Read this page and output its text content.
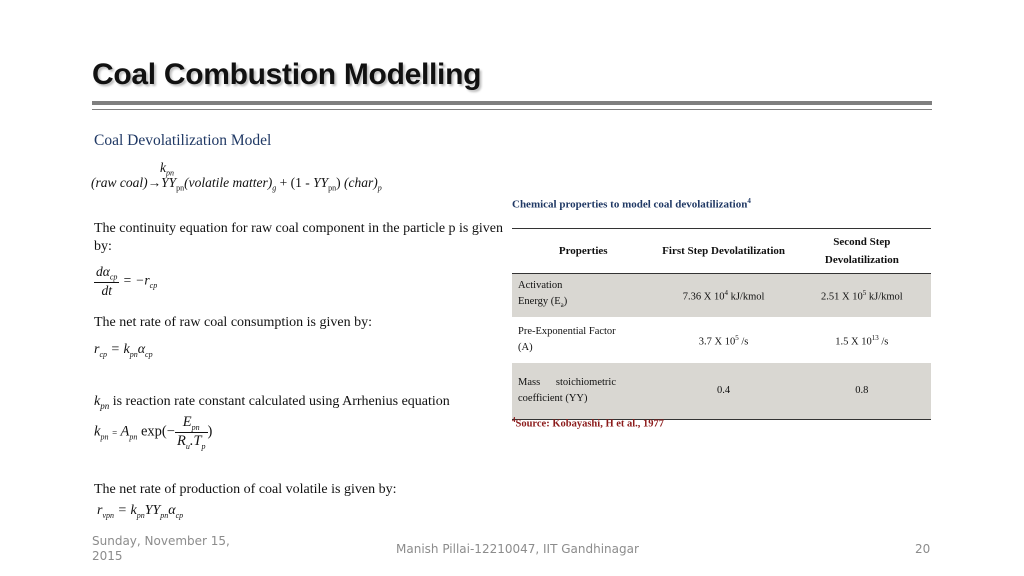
Coal Combustion Modelling
Coal Devolatilization Model
$k_{pn}$
(raw $coal)\to YY_{pn}(volatile$ $matter)_g + (1 - YY_{pn})$ $(char)_p$
The continuity equation for raw coal component in the particle p is given by:
$\frac{d\alpha_{cp}}{dt} = -r_{cp}$
The net rate of raw coal consumption is given by:
$r_{cp} = k_{pn}\alpha_{cp}$
$k_{pn}$ is reaction rate constant calculated using Arrhenius equation
$k_{pn} = A_{pn}$ $\exp(- \frac{E_{pn}}{R_u.T_p}$ )
The net rate of production of coal volatile is given by:
$r_{vpn} = k_{pn}YY_{pn}\alpha_{cp}$
Chemical properties to model coal devolatilization$^4$
Properties	First Step Devolatilization	Second Step Devolatilization
Activation
Energy $(E_a)$	7.36 X $10^4$ kJ/kmol	2.51 X $10^5$ kJ/kmol
Pre-Exponential Factor
(A)	3.7 X $10^5$ /s	1.5 X $10^{13}$ /s
Mass      stoichiometric
coefficient (YY)	0.4	0.8
$^4$Source: Kobayashi, H et al., 1977
Sunday, November 15, 2015	Manish Pillai-12210047, IIT Gandhinagar	20
